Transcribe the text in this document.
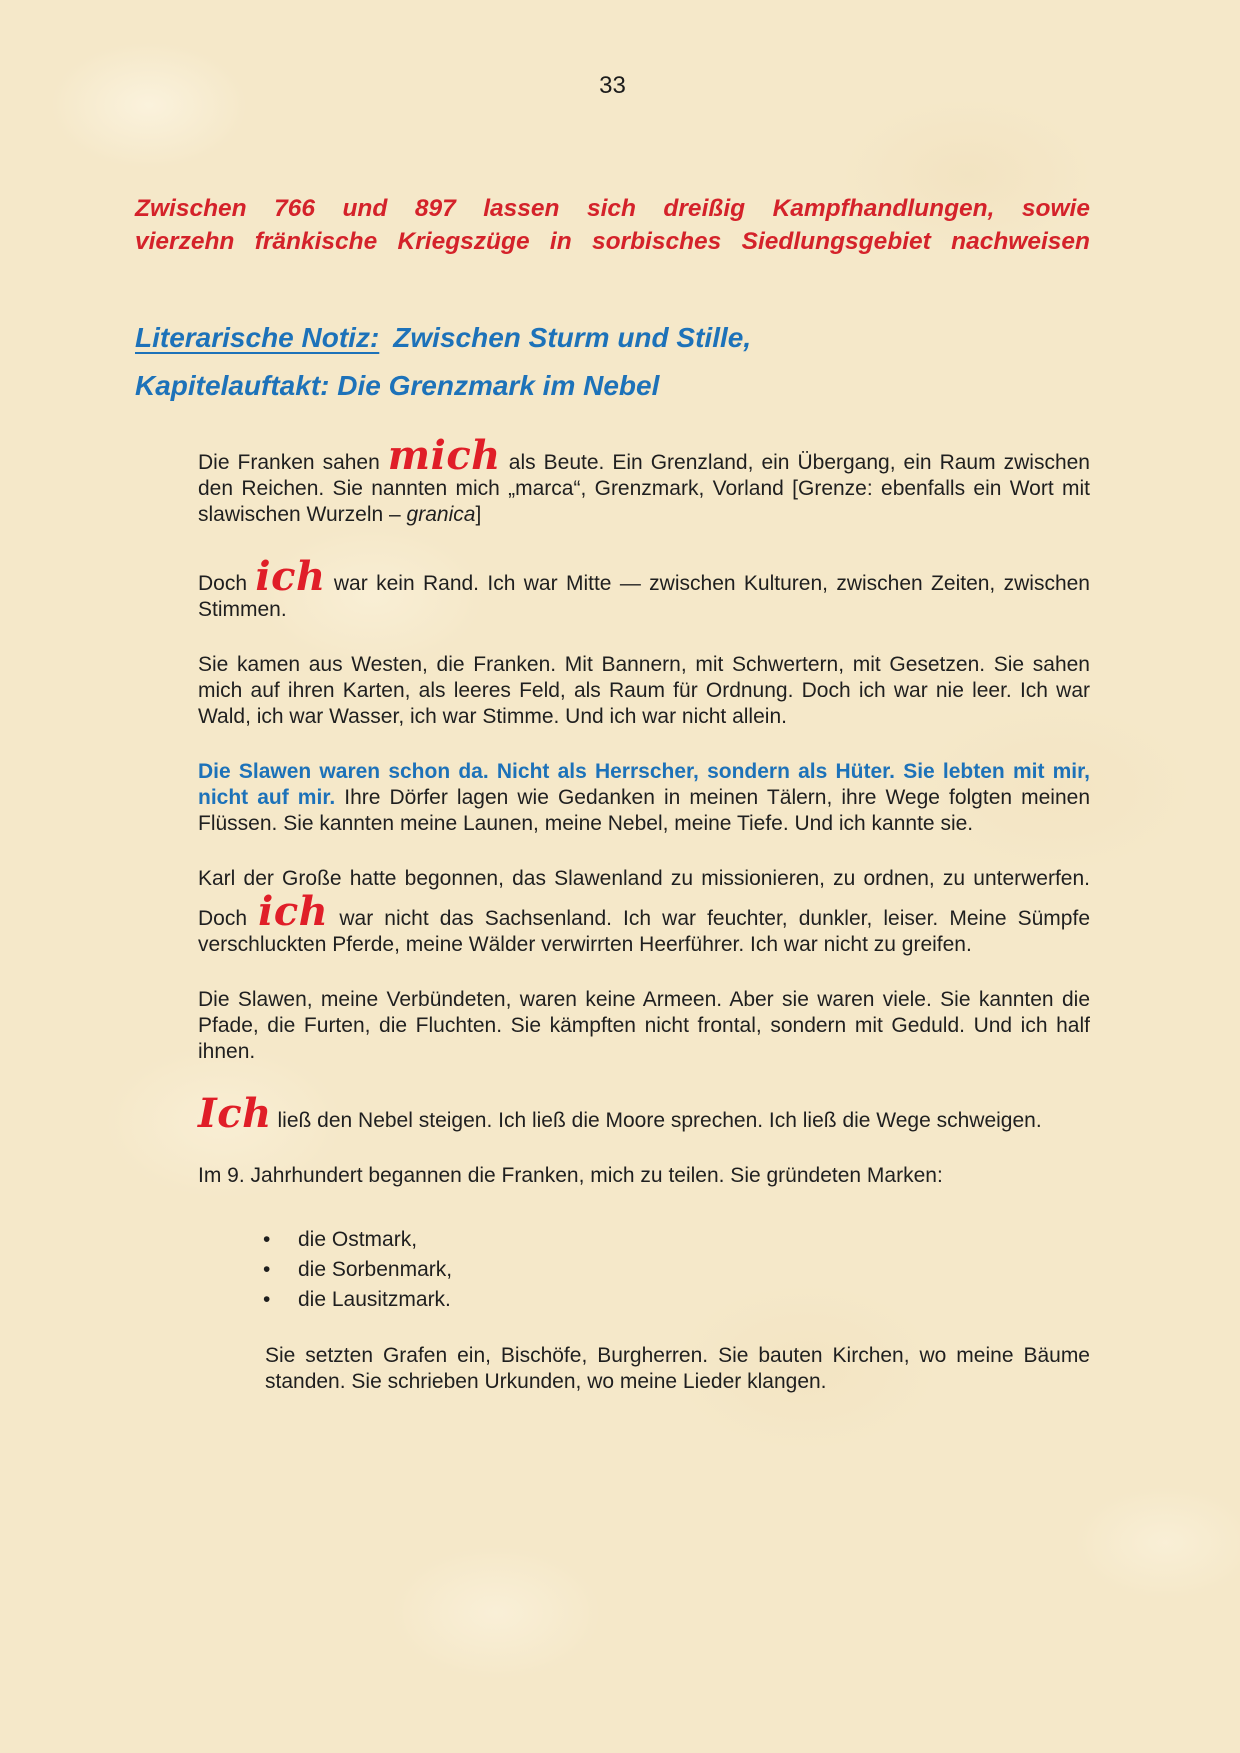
33
Zwischen 766 und 897 lassen sich dreißig Kampfhandlungen, sowie
vierzehn fränkische Kriegszüge in sorbisches Siedlungsgebiet nachweisen
Literarische Notiz: Zwischen Sturm und Stille,
Kapitelauftakt: Die Grenzmark im Nebel

Die Franken sahen mich als Beute. Ein Grenzland, ein Übergang, ein Raum zwischen den Reichen. Sie nannten mich „marca“, Grenzmark, Vorland [Grenze: ebenfalls ein Wort mit slawischen Wurzeln – granica]

Doch ich war kein Rand. Ich war Mitte — zwischen Kulturen, zwischen Zeiten, zwischen Stimmen.

Sie kamen aus Westen, die Franken. Mit Bannern, mit Schwertern, mit Gesetzen. Sie sahen mich auf ihren Karten, als leeres Feld, als Raum für Ordnung. Doch ich war nie leer. Ich war Wald, ich war Wasser, ich war Stimme. Und ich war nicht allein.

Die Slawen waren schon da. Nicht als Herrscher, sondern als Hüter. Sie lebten mit mir, nicht auf mir. Ihre Dörfer lagen wie Gedanken in meinen Tälern, ihre Wege folgten meinen Flüssen. Sie kannten meine Launen, meine Nebel, meine Tiefe. Und ich kannte sie.

Karl der Große hatte begonnen, das Slawenland zu missionieren, zu ordnen, zu unterwerfen. Doch ich war nicht das Sachsenland. Ich war feuchter, dunkler, leiser. Meine Sümpfe verschluckten Pferde, meine Wälder verwirrten Heerführer. Ich war nicht zu greifen.

Die Slawen, meine Verbündeten, waren keine Armeen. Aber sie waren viele. Sie kannten die Pfade, die Furten, die Fluchten. Sie kämpften nicht frontal, sondern mit Geduld. Und ich half ihnen.

Ich ließ den Nebel steigen. Ich ließ die Moore sprechen. Ich ließ die Wege schweigen.

Im 9. Jahrhundert begannen die Franken, mich zu teilen. Sie gründeten Marken:

•	die Ostmark,
•	die Sorbenmark,
•	die Lausitzmark.

Sie setzten Grafen ein, Bischöfe, Burgherren. Sie bauten Kirchen, wo meine Bäume standen. Sie schrieben Urkunden, wo meine Lieder klangen.
